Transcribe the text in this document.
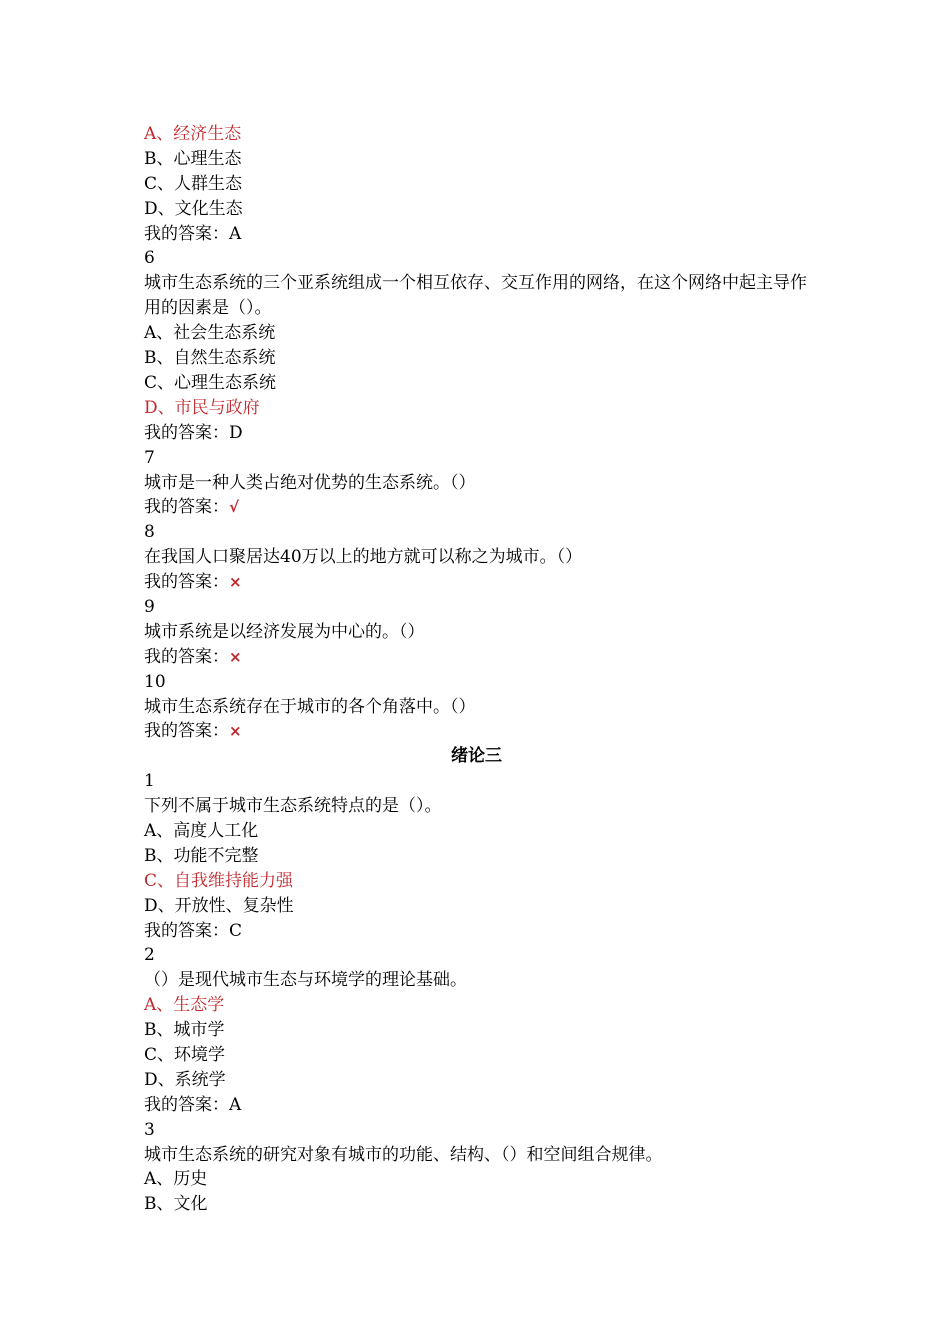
A、经济生态
B、心理生态
C、人群生态
D、文化生态
我的答案：A
6
城市生态系统的三个亚系统组成一个相互依存、交互作用的网络，在这个网络中起主导作用的因素是（）。
A、社会生态系统
B、自然生态系统
C、心理生态系统
D、市民与政府
我的答案：D
7
城市是一种人类占绝对优势的生态系统。（）
我的答案：√
8
在我国人口聚居达40万以上的地方就可以称之为城市。（）
我的答案：×
9
城市系统是以经济发展为中心的。（）
我的答案：×
10
城市生态系统存在于城市的各个角落中。（）
我的答案：×
绪论三
1
下列不属于城市生态系统特点的是（）。
A、高度人工化
B、功能不完整
C、自我维持能力强
D、开放性、复杂性
我的答案：C
2
（）是现代城市生态与环境学的理论基础。
A、生态学
B、城市学
C、环境学
D、系统学
我的答案：A
3
城市生态系统的研究对象有城市的功能、结构、（）和空间组合规律。
A、历史
B、文化
